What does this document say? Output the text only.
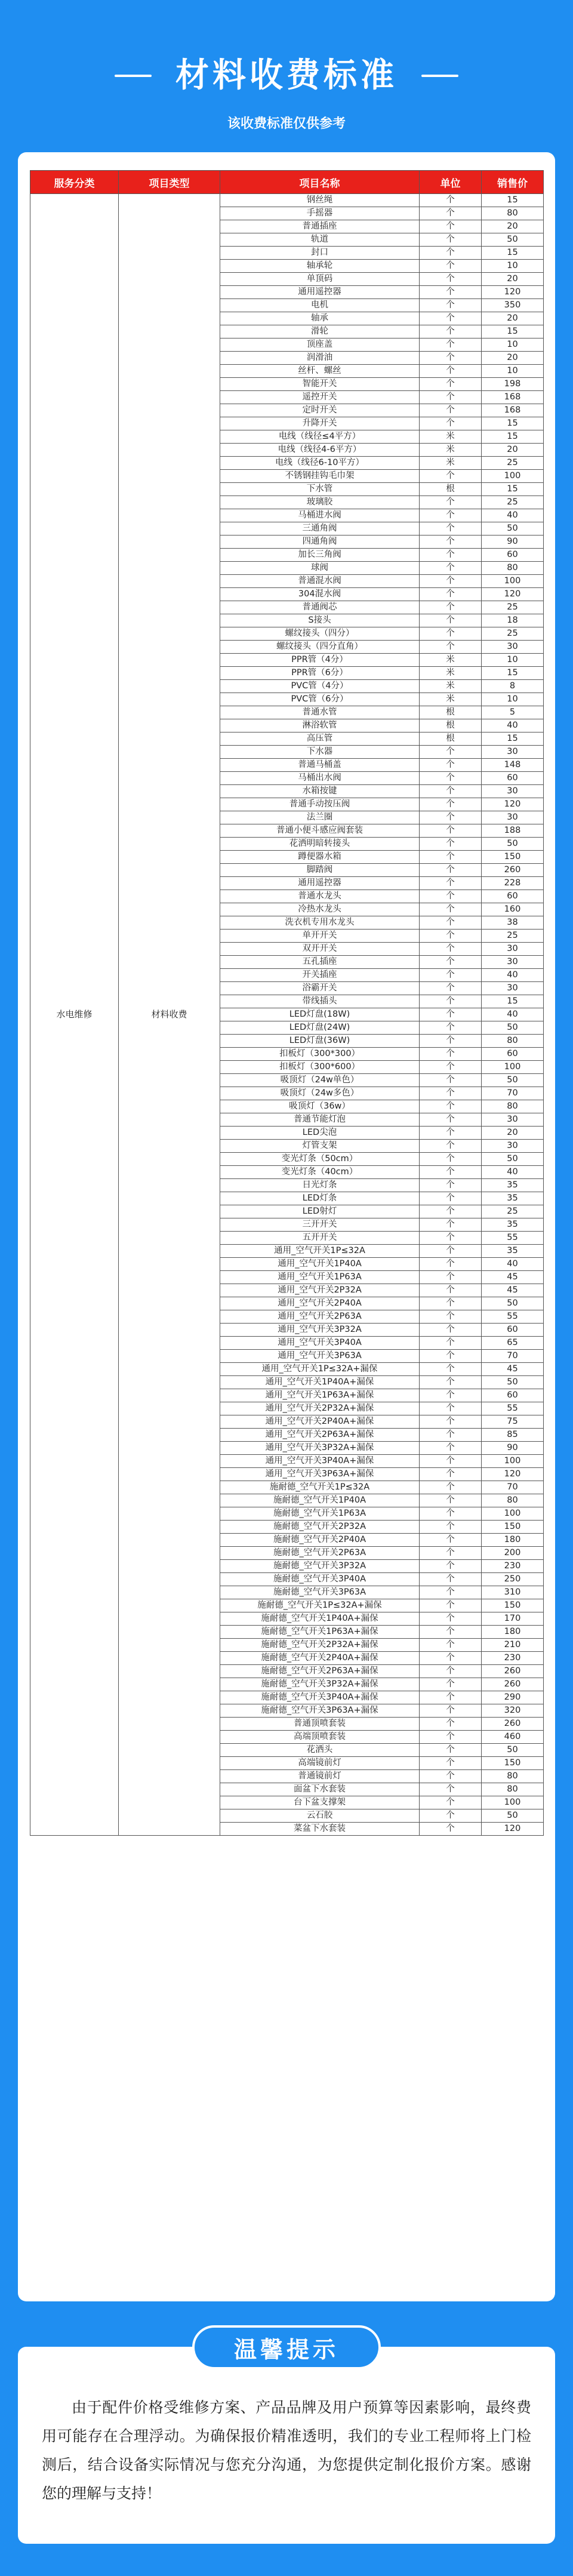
材料收费标准
该收费标准仅供参考
服务分类	项目类型	项目名称	单位	销售价
水电维修	材料收费	钢丝绳	个	15
		手摇器	个	80
		普通插座	个	20
		轨道	个	50
		封口	个	15
		轴承轮	个	10
		单顶码	个	20
		通用遥控器	个	120
		电机	个	350
		轴承	个	20
		滑轮	个	15
		顶座盖	个	10
		润滑油	个	20
		丝杆、螺丝	个	10
		智能开关	个	198
		遥控开关	个	168
		定时开关	个	168
		升降开关	个	15
		电线（线径≤4平方）	米	15
		电线（线径4-6平方）	米	20
		电线（线径6-10平方）	米	25
		不锈钢挂钩毛巾架	个	100
		下水管	根	15
		玻璃胶	个	25
		马桶进水阀	个	40
		三通角阀	个	50
		四通角阀	个	90
		加长三角阀	个	60
		球阀	个	80
		普通混水阀	个	100
		304混水阀	个	120
		普通阀芯	个	25
		S接头	个	18
		螺纹接头（四分）	个	25
		螺纹接头（四分直角）	个	30
		PPR管（4分）	米	10
		PPR管（6分）	米	15
		PVC管（4分）	米	8
		PVC管（6分）	米	10
		普通水管	根	5
		淋浴软管	根	40
		高压管	根	15
		下水器	个	30
		普通马桶盖	个	148
		马桶出水阀	个	60
		水箱按键	个	30
		普通手动按压阀	个	120
		法兰圈	个	30
		普通小便斗感应阀套装	个	188
		花洒明暗转接头	个	50
		蹲便器水箱	个	150
		脚踏阀	个	260
		通用遥控器	个	228
		普通水龙头	个	60
		冷热水龙头	个	160
		洗衣机专用水龙头	个	38
		单开开关	个	25
		双开开关	个	30
		五孔插座	个	30
		开关插座	个	40
		浴霸开关	个	30
		带线插头	个	15
		LED灯盘(18W)	个	40
		LED灯盘(24W)	个	50
		LED灯盘(36W)	个	80
		扣板灯（300*300）	个	60
		扣板灯（300*600）	个	100
		吸顶灯（24w单色）	个	50
		吸顶灯（24w多色）	个	70
		吸顶灯（36w）	个	80
		普通节能灯泡	个	30
		LED尖泡	个	20
		灯管支架	个	30
		变光灯条（50cm）	个	50
		变光灯条（40cm）	个	40
		日光灯条	个	35
		LED灯条	个	35
		LED射灯	个	25
		三开开关	个	35
		五开开关	个	55
		通用_空气开关1P≤32A	个	35
		通用_空气开关1P40A	个	40
		通用_空气开关1P63A	个	45
		通用_空气开关2P32A	个	45
		通用_空气开关2P40A	个	50
		通用_空气开关2P63A	个	55
		通用_空气开关3P32A	个	60
		通用_空气开关3P40A	个	65
		通用_空气开关3P63A	个	70
		通用_空气开关1P≤32A+漏保	个	45
		通用_空气开关1P40A+漏保	个	50
		通用_空气开关1P63A+漏保	个	60
		通用_空气开关2P32A+漏保	个	55
		通用_空气开关2P40A+漏保	个	75
		通用_空气开关2P63A+漏保	个	85
		通用_空气开关3P32A+漏保	个	90
		通用_空气开关3P40A+漏保	个	100
		通用_空气开关3P63A+漏保	个	120
		施耐德_空气开关1P≤32A	个	70
		施耐德_空气开关1P40A	个	80
		施耐德_空气开关1P63A	个	100
		施耐德_空气开关2P32A	个	150
		施耐德_空气开关2P40A	个	180
		施耐德_空气开关2P63A	个	200
		施耐德_空气开关3P32A	个	230
		施耐德_空气开关3P40A	个	250
		施耐德_空气开关3P63A	个	310
		施耐德_空气开关1P≤32A+漏保	个	150
		施耐德_空气开关1P40A+漏保	个	170
		施耐德_空气开关1P63A+漏保	个	180
		施耐德_空气开关2P32A+漏保	个	210
		施耐德_空气开关2P40A+漏保	个	230
		施耐德_空气开关2P63A+漏保	个	260
		施耐德_空气开关3P32A+漏保	个	260
		施耐德_空气开关3P40A+漏保	个	290
		施耐德_空气开关3P63A+漏保	个	320
		普通顶喷套装	个	260
		高端顶喷套装	个	460
		花洒头	个	50
		高端镜前灯	个	150
		普通镜前灯	个	80
		面盆下水套装	个	80
		台下盆支撑架	个	100
		云石胶	个	50
		菜盆下水套装	个	120
温馨提示
由于配件价格受维修方案、产品品牌及用户预算等因素影响，最终费用可能存在合理浮动。为确保报价精准透明，我们的专业工程师将上门检测后，结合设备实际情况与您充分沟通，为您提供定制化报价方案。感谢您的理解与支持！
